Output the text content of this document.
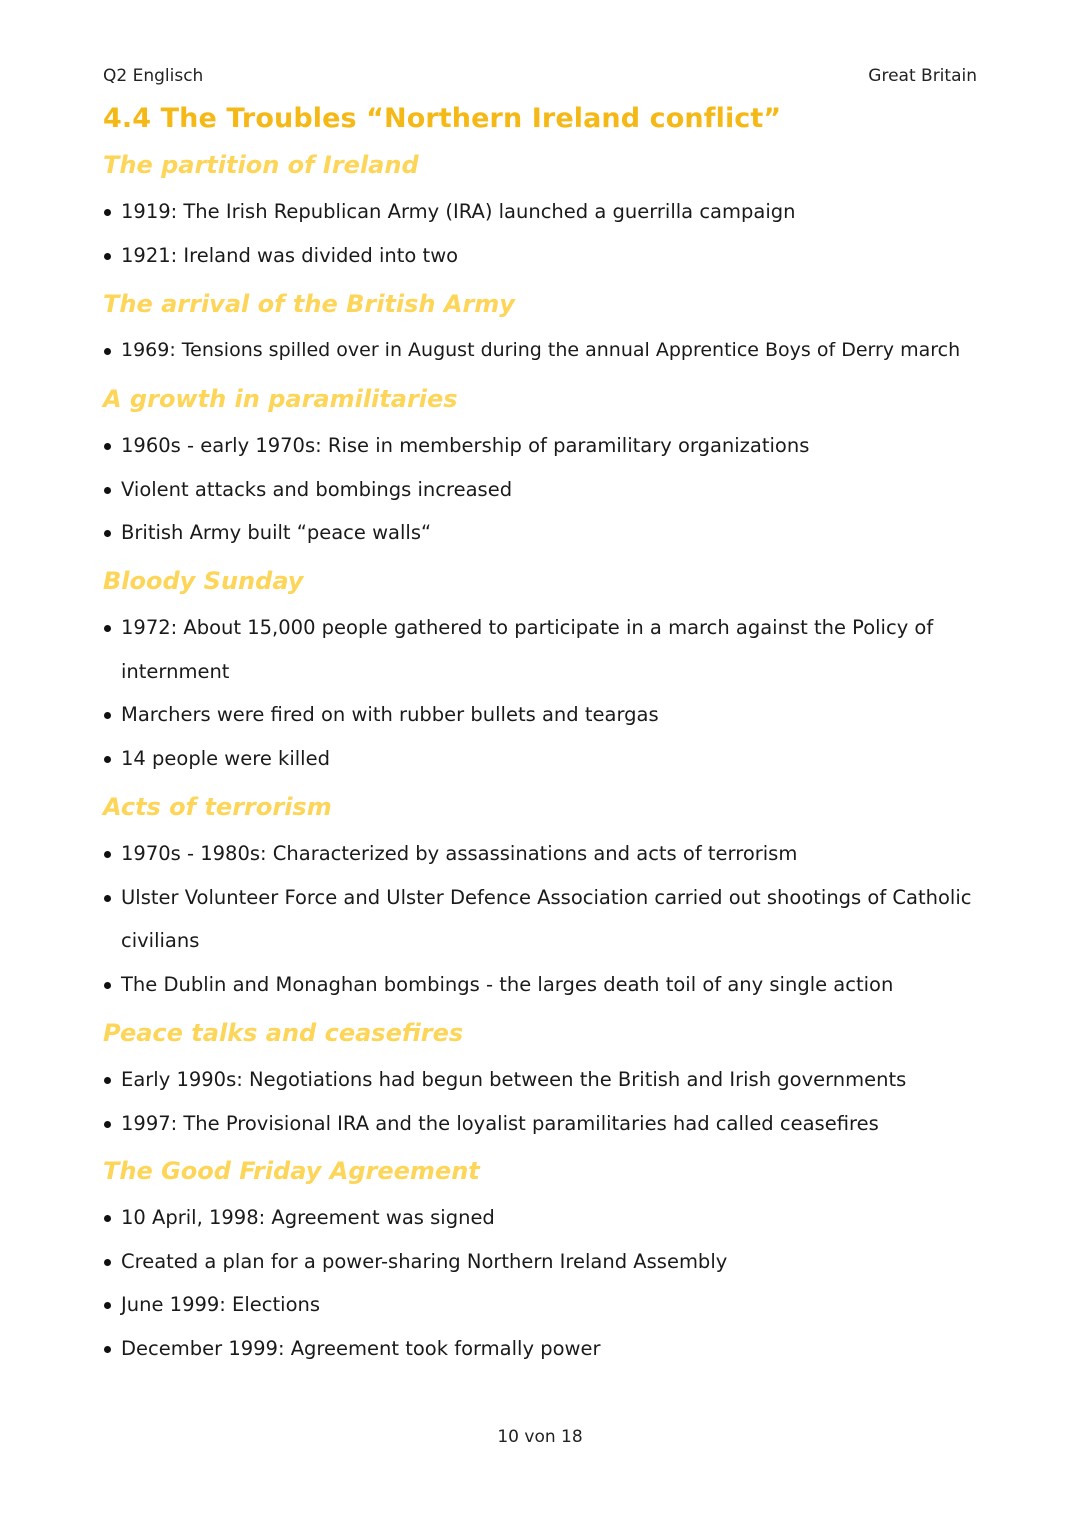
Q2 Englisch	Great Britain
4.4 The Troubles “Northern Ireland conflict”
The partition of Ireland
1919: The Irish Republican Army (IRA) launched a guerrilla campaign
1921: Ireland was divided into two
The arrival of the British Army
1969: Tensions spilled over in August during the annual Apprentice Boys of Derry march
A growth in paramilitaries
1960s - early 1970s: Rise in membership of paramilitary organizations
Violent attacks and bombings increased
British Army built “peace walls“
Bloody Sunday
1972: About 15,000 people gathered to participate in a march against the Policy of internment
Marchers were fired on with rubber bullets and teargas
14 people were killed
Acts of terrorism
1970s - 1980s: Characterized by assassinations and acts of terrorism
Ulster Volunteer Force and Ulster Defence Association carried out shootings of Catholic civilians
The Dublin and Monaghan bombings - the larges death toil of any single action
Peace talks and ceasefires
Early 1990s: Negotiations had begun between the British and Irish governments
1997: The Provisional IRA and the loyalist paramilitaries had called ceasefires
The Good Friday Agreement
10 April, 1998: Agreement was signed
Created a plan for a power-sharing Northern Ireland Assembly
June 1999: Elections
December 1999: Agreement took formally power
10 von 18
